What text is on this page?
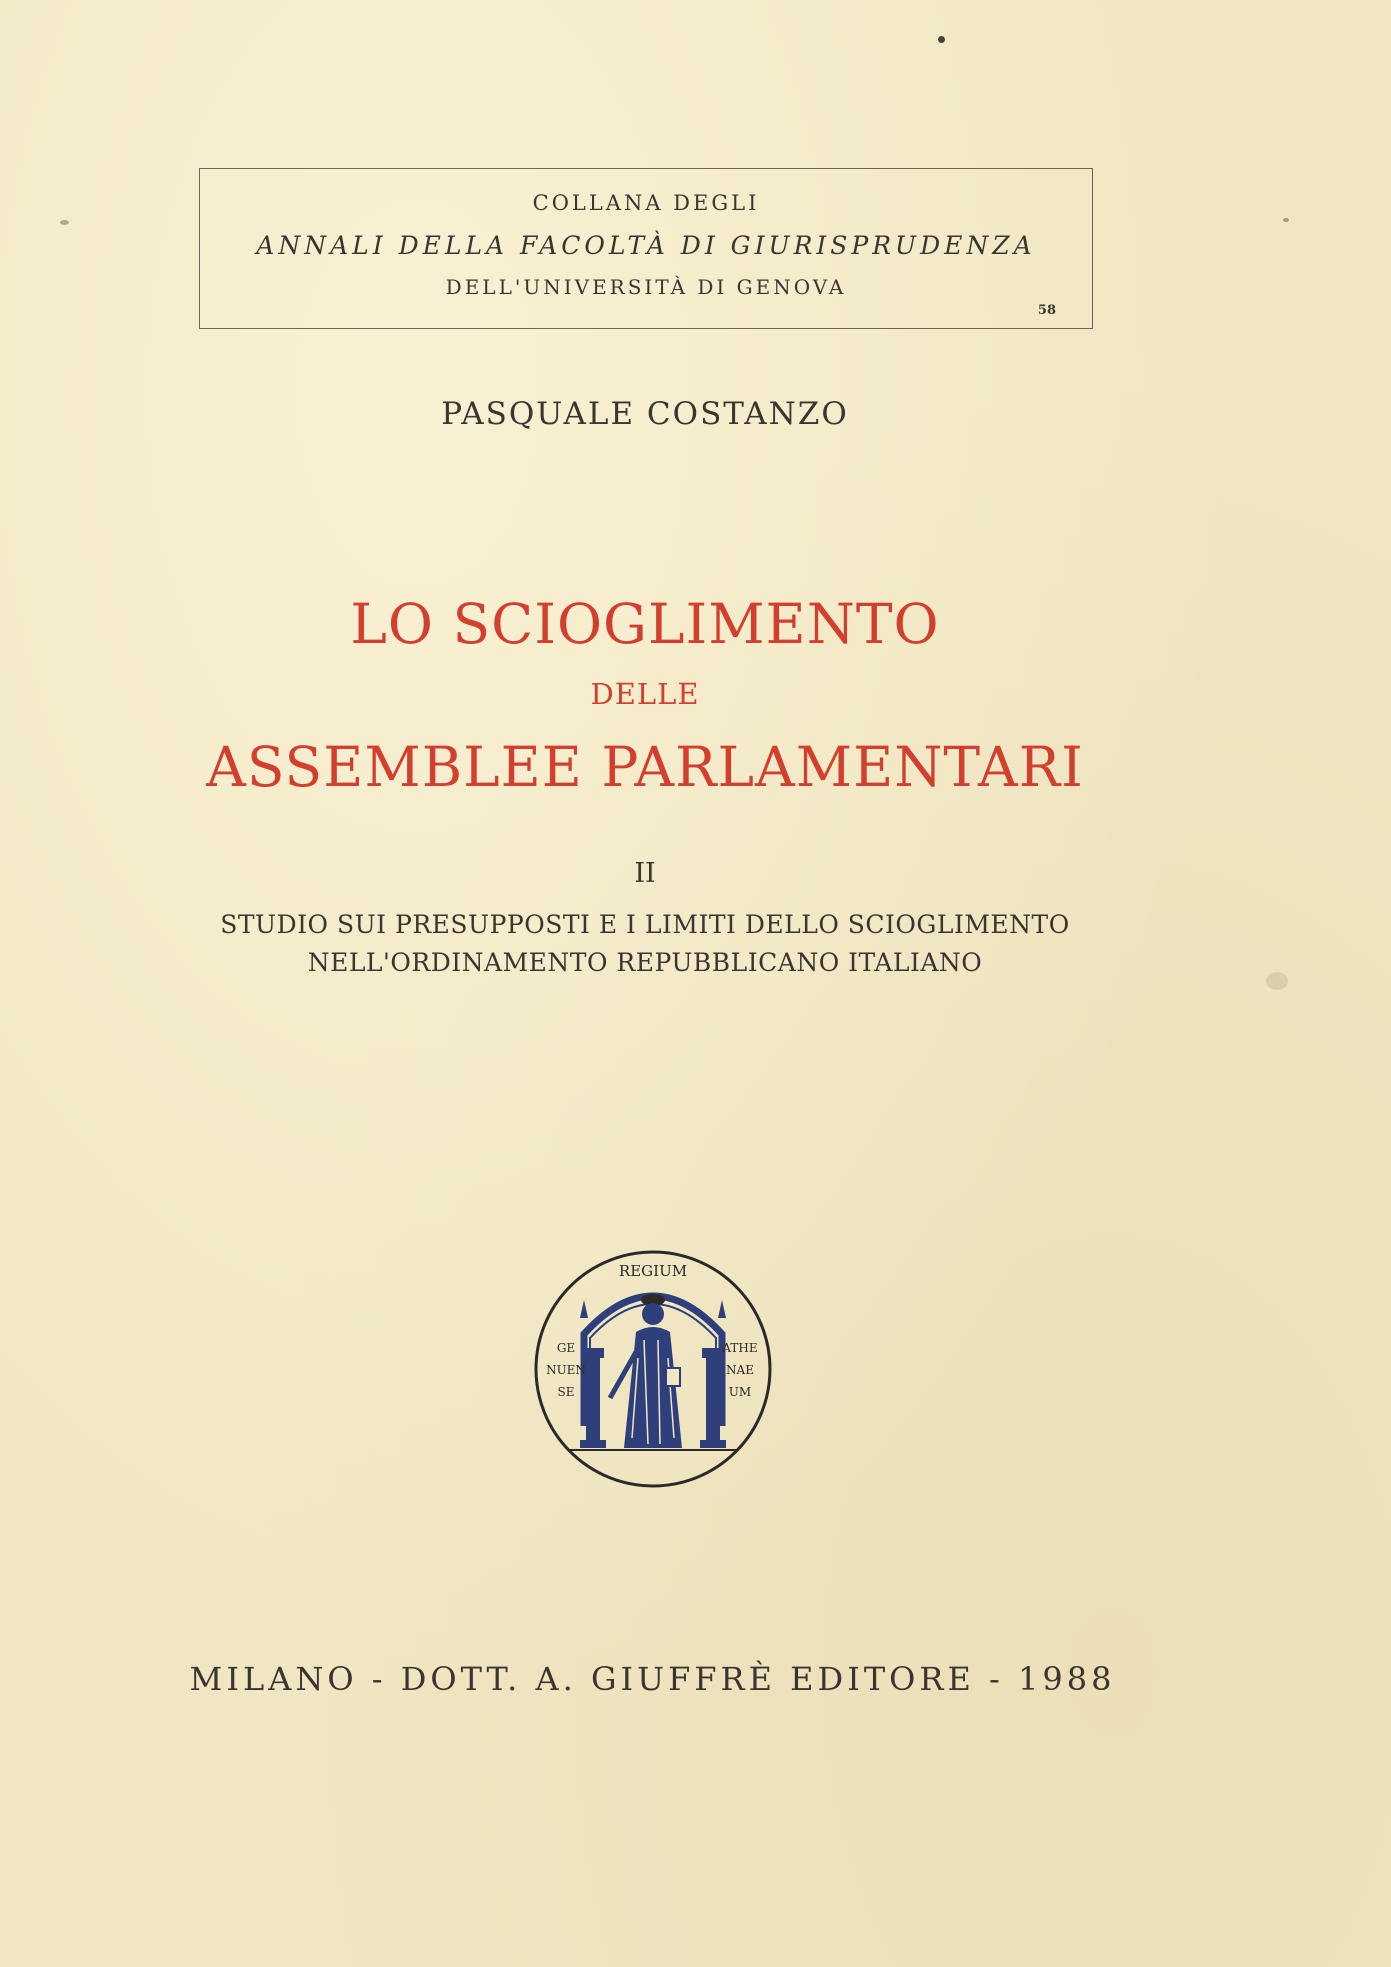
COLLANA DEGLI
ANNALI DELLA FACOLTÀ DI GIURISPRUDENZA
DELL'UNIVERSITÀ DI GENOVA
58
PASQUALE COSTANZO
LO SCIOGLIMENTO
DELLE
ASSEMBLEE PARLAMENTARI
II
STUDIO SUI PRESUPPOSTI E I LIMITI DELLO SCIOGLIMENTO
NELL'ORDINAMENTO REPUBBLICANO ITALIANO
REGIUM
GE
NUEN
SE
ATHE
NAE
UM
MILANO - DOTT. A. GIUFFRÈ EDITORE - 1988
